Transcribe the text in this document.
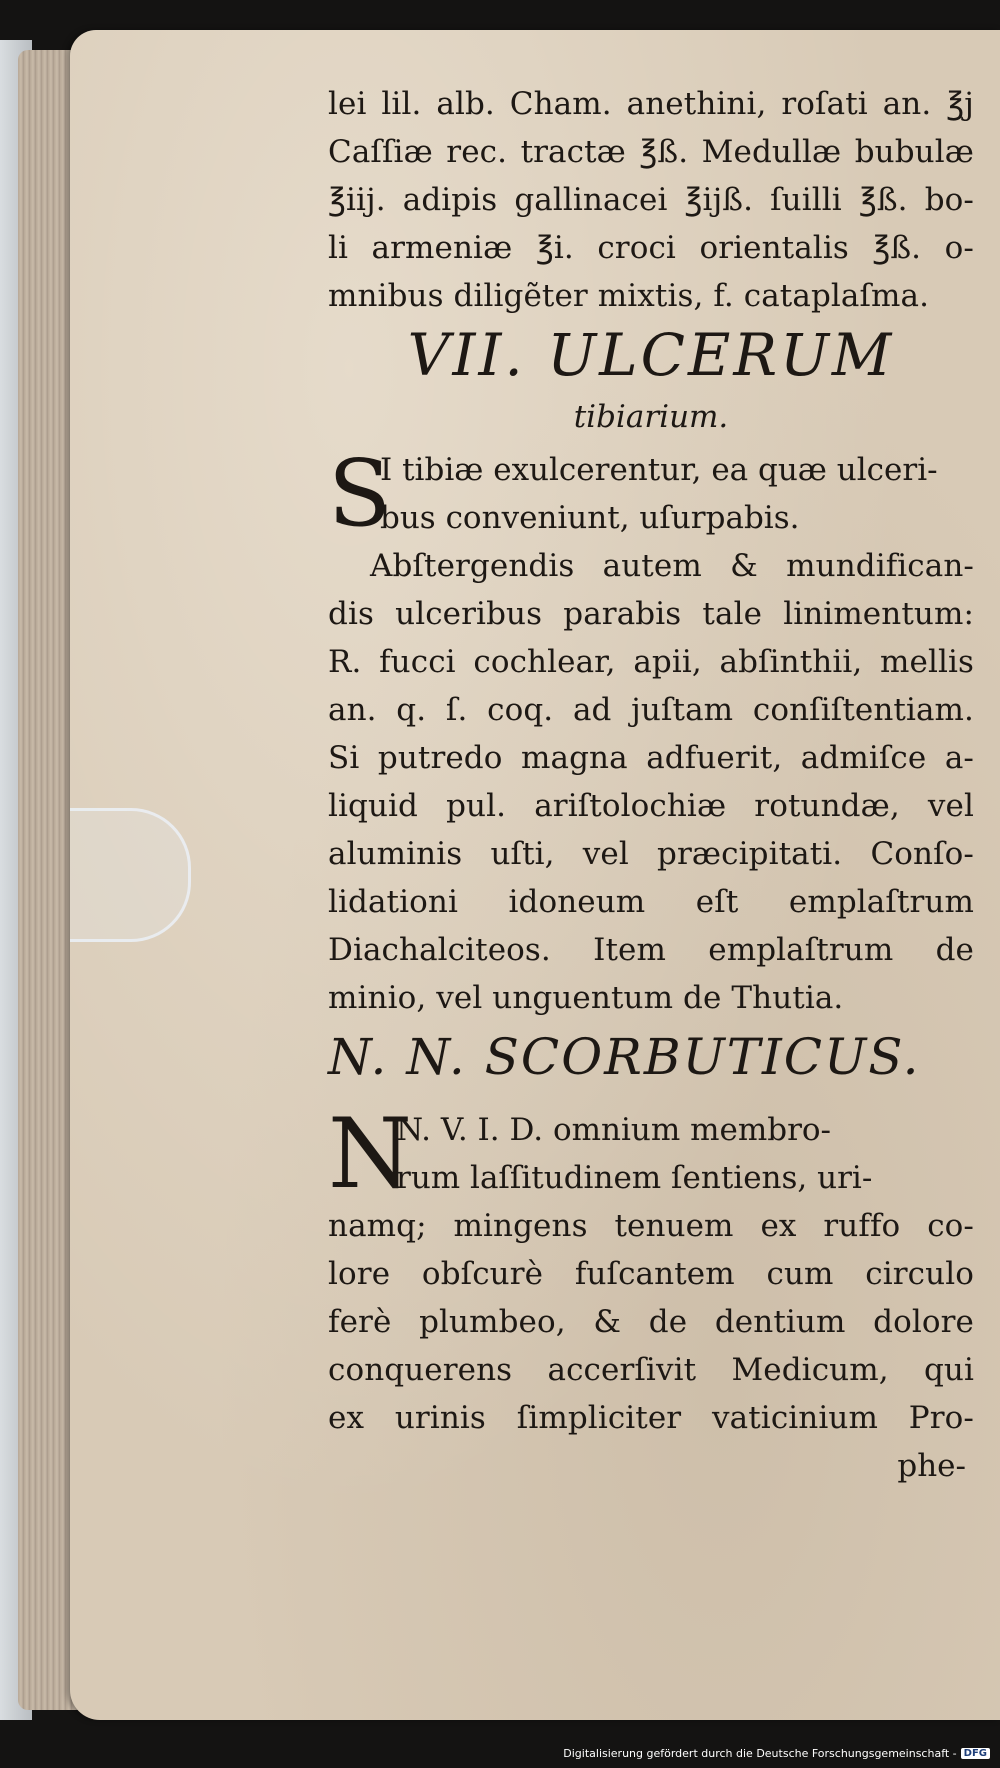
lei lil. alb. Cham. anethini, roſati an. ℥j
Caſſiæ rec. tractæ ℥ß. Medullæ bubulæ
℥iij. adipis gallinacei ℥ijß. ſuilli ℥ß. bo-
li armeniæ ℥i. croci orientalis ℥ß. o-
mnibus diligẽter mixtis, f. cataplaſma.
VII. ULCERUM
tibiarium.
S
I tibiæ exulcerentur, ea quæ ulceri-
bus conveniunt, uſurpabis.
Abſtergendis autem & mundifican-
dis ulceribus parabis tale linimentum:
R. fucci cochlear, apii, abſinthii, mellis
an. q. ſ. coq. ad juſtam conſiſtentiam.
Si putredo magna adfuerit, admiſce a-
liquid pul. ariſtolochiæ rotundæ, vel
aluminis uſti, vel præcipitati. Conſo-
lidationi idoneum eſt emplaſtrum
Diachalciteos. Item emplaſtrum de
minio, vel unguentum de Thutia.
N. N. SCORBUTICUS.
N
N. V. I. D. omnium membro-
rum laſſitudinem ſentiens, uri-
namq; mingens tenuem ex ruffo co-
lore obſcurè fuſcantem cum circulo
ferè plumbeo, & de dentium dolore
conquerens accerſivit Medicum, qui
ex urinis ſimpliciter vaticinium Pro-
phe-
Digitalisierung gefördert durch die Deutsche Forschungsgemeinschaft - DFG
